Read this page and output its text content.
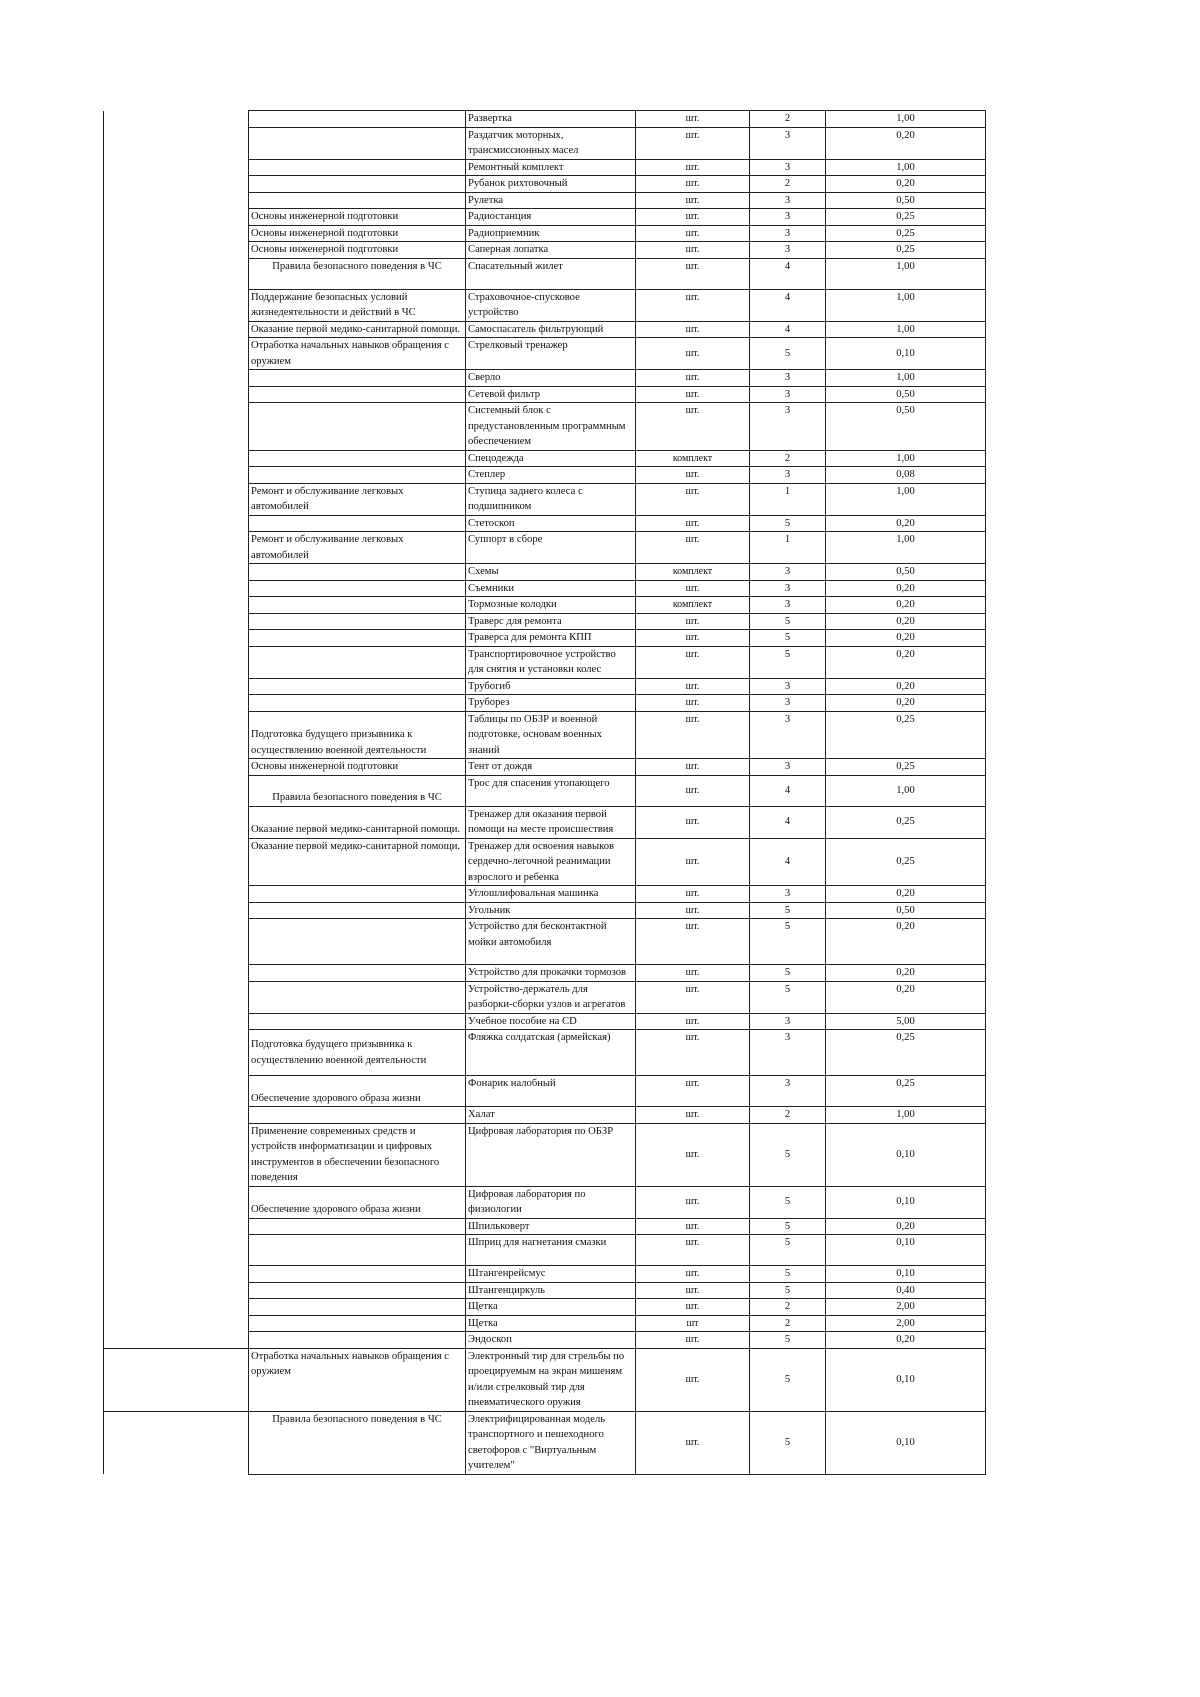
		Развертка	шт.	2	1,00
		Раздатчик моторных, трансмиссионных масел	шт.	3	0,20
		Ремонтный комплект	шт.	3	1,00
		Рубанок рихтовочный	шт.	2	0,20
		Рулетка	шт.	3	0,50
	Основы инженерной подготовки	Радиостанция	шт.	3	0,25
	Основы инженерной подготовки	Радиоприемник	шт.	3	0,25
	Основы инженерной подготовки	Саперная лопатка	шт.	3	0,25
	Правила безопасного поведения в ЧС	Спасательный жилет	шт.	4	1,00
	Поддержание безопасных условий жизнедеятельности и действий в ЧС	Страховочное-спусковое устройство	шт.	4	1,00
	Оказание первой медико-санитарной помощи.	Самоспасатель фильтрующий	шт.	4	1,00
	Отработка начальных навыков обращения с оружием	Стрелковый тренажер	шт.	5	0,10
		Сверло	шт.	3	1,00
		Сетевой фильтр	шт.	3	0,50
		Системный блок с предустановленным программным обеспечением	шт.	3	0,50
		Спецодежда	комплект	2	1,00
		Степлер	шт.	3	0,08
	Ремонт и обслуживание легковых автомобилей	Ступица заднего колеса с подшипником	шт.	1	1,00
		Стетоскоп	шт.	5	0,20
	Ремонт и обслуживание легковых автомобилей	Суппорт в сборе	шт.	1	1,00
		Схемы	комплект	3	0,50
		Съемники	шт.	3	0,20
		Тормозные колодки	комплект	3	0,20
		Траверс для ремонта	шт.	5	0,20
		Траверса для ремонта КПП	шт.	5	0,20
		Транспортировочное устройство для снятия и установки колес	шт.	5	0,20
		Трубогиб	шт.	3	0,20
		Труборез	шт.	3	0,20
	Подготовка будущего призывника к осуществлению военной деятельности	Таблицы по ОБЗР и военной подготовке, основам военных знаний	шт.	3	0,25
	Основы инженерной подготовки	Тент от дождя	шт.	3	0,25
	Правила безопасного поведения в ЧС	Трос для спасения утопающего	шт.	4	1,00
	Оказание первой медико-санитарной помощи.	Тренажер для оказания первой помощи на месте происшествия	шт.	4	0,25
	Оказание первой медико-санитарной помощи.	Тренажер для освоения навыков сердечно-легочной реанимации взрослого и ребенка	шт.	4	0,25
		Углошлифовальная машинка	шт.	3	0,20
		Угольник	шт.	5	0,50
		Устройство для бесконтактной мойки автомобиля	шт.	5	0,20
		Устройство для прокачки тормозов	шт.	5	0,20
		Устройство-держатель для разборки-сборки узлов и агрегатов	шт.	5	0,20
		Учебное пособие на CD	шт.	3	5,00
	Подготовка будущего призывника к осуществлению военной деятельности	Фляжка солдатская (армейская)	шт.	3	0,25
	Обеспечение здорового образа жизни	Фонарик налобный	шт.	3	0,25
		Халат	шт.	2	1,00
	Применение современных средств и устройств информатизации и цифровых инструментов в обеспечении безопасного поведения	Цифровая лаборатория по ОБЗР	шт.	5	0,10
	Обеспечение здорового образа жизни	Цифровая лаборатория по физиологии	шт.	5	0,10
		Шпильковерт	шт.	5	0,20
		Шприц для нагнетания смазки	шт.	5	0,10
		Штангенрейсмус	шт.	5	0,10
		Штангенциркуль	шт.	5	0,40
		Щетка	шт.	2	2,00
		Щетка	шт	2	2,00
		Эндоскоп	шт.	5	0,20
	Отработка начальных навыков обращения с оружием	Электронный тир для стрельбы по проецируемым на экран мишеням и/или стрелковый тир для пневматического оружия	шт.	5	0,10
	Правила безопасного поведения в ЧС	Электрифицированная модель транспортного и пешеходного светофоров с "Виртуальным учителем"	шт.	5	0,10
